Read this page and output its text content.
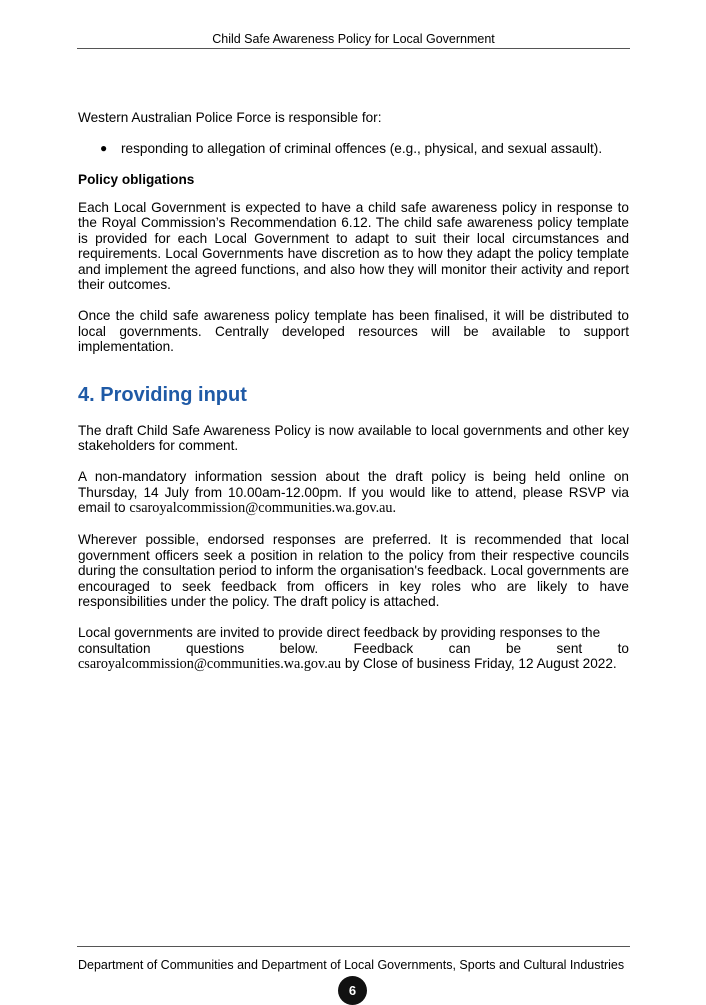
Child Safe Awareness Policy for Local Government

Western Australian Police Force is responsible for:

●	responding to allegation of criminal offences (e.g., physical, and sexual assault).

Policy obligations

Each Local Government is expected to have a child safe awareness policy in response to the Royal Commission’s Recommendation 6.12. The child safe awareness policy template is provided for each Local Government to adapt to suit their local circumstances and requirements. Local Governments have discretion as to how they adapt the policy template and implement the agreed functions, and also how they will monitor their activity and report their outcomes.

Once the child safe awareness policy template has been finalised, it will be distributed to local governments. Centrally developed resources will be available to support implementation.

4. Providing input

The draft Child Safe Awareness Policy is now available to local governments and other key stakeholders for comment.

A non-mandatory information session about the draft policy is being held online on Thursday, 14 July from 10.00am-12.00pm. If you would like to attend, please RSVP via email to csaroyalcommission@communities.wa.gov.au.

Wherever possible, endorsed responses are preferred. It is recommended that local government officers seek a position in relation to the policy from their respective councils during the consultation period to inform the organisation's feedback. Local governments are encouraged to seek feedback from officers in key roles who are likely to have responsibilities under the policy. The draft policy is attached.

Local governments are invited to provide direct feedback by providing responses to the

consultation	questions	below.	Feedback	can	be	sent	to

csaroyalcommission@communities.wa.gov.au by Close of business Friday, 12 August 2022.

Department of Communities and Department of Local Governments, Sports and Cultural Industries
6
